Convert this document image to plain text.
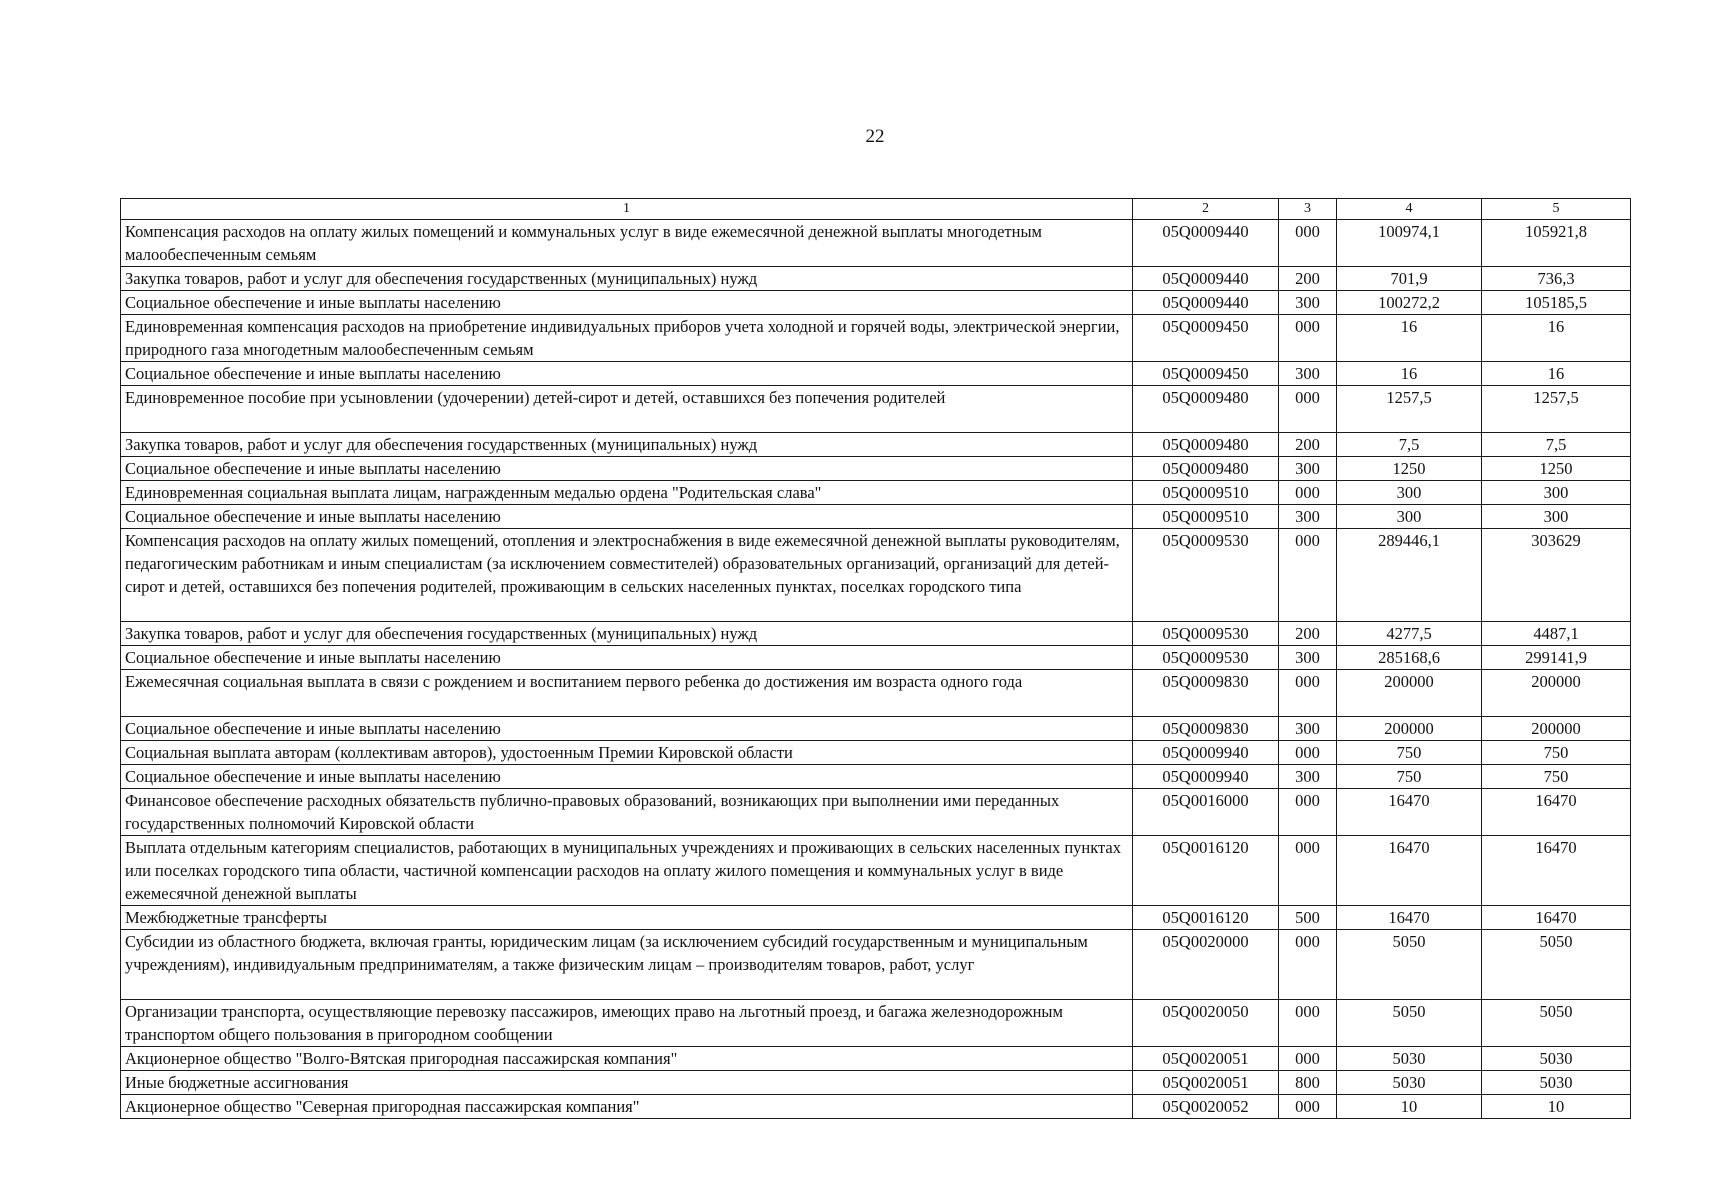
22
1	2	3	4	5
Компенсация расходов на оплату жилых помещений и коммунальных услуг в виде ежемесячной денежной выплаты многодетным малообеспеченным семьям	05Q0009440	000	100974,1	105921,8
Закупка товаров, работ и услуг для обеспечения государственных (муниципальных) нужд	05Q0009440	200	701,9	736,3
Социальное обеспечение и иные выплаты населению	05Q0009440	300	100272,2	105185,5
Единовременная компенсация расходов на приобретение индивидуальных приборов учета холодной и горячей воды, электрической энергии, природного газа многодетным малообеспеченным семьям	05Q0009450	000	16	16
Социальное обеспечение и иные выплаты населению	05Q0009450	300	16	16
Единовременное пособие при усыновлении (удочерении) детей-сирот и детей, оставшихся без попечения родителей	05Q0009480	000	1257,5	1257,5
Закупка товаров, работ и услуг для обеспечения государственных (муниципальных) нужд	05Q0009480	200	7,5	7,5
Социальное обеспечение и иные выплаты населению	05Q0009480	300	1250	1250
Единовременная социальная выплата лицам, награжденным медалью ордена "Родительская слава"	05Q0009510	000	300	300
Социальное обеспечение и иные выплаты населению	05Q0009510	300	300	300
Компенсация расходов на оплату жилых помещений, отопления и электроснабжения в виде ежемесячной денежной выплаты руководителям, педагогическим работникам и иным специалистам (за исключением совместителей) образовательных организаций, организаций для детей-сирот и детей, оставшихся без попечения родителей, проживающим в сельских населенных пунктах, поселках городского типа	05Q0009530	000	289446,1	303629
Закупка товаров, работ и услуг для обеспечения государственных (муниципальных) нужд	05Q0009530	200	4277,5	4487,1
Социальное обеспечение и иные выплаты населению	05Q0009530	300	285168,6	299141,9
Ежемесячная социальная выплата в связи с рождением и воспитанием первого ребенка до достижения им возраста одного года	05Q0009830	000	200000	200000
Социальное обеспечение и иные выплаты населению	05Q0009830	300	200000	200000
Социальная выплата авторам (коллективам авторов), удостоенным Премии Кировской области	05Q0009940	000	750	750
Социальное обеспечение и иные выплаты населению	05Q0009940	300	750	750
Финансовое обеспечение расходных обязательств публично-правовых образований, возникающих при выполнении ими переданных государственных полномочий Кировской области	05Q0016000	000	16470	16470
Выплата отдельным категориям специалистов, работающих в муниципальных учреждениях и проживающих в сельских населенных пунктах или поселках городского типа области, частичной компенсации расходов на оплату жилого помещения и коммунальных услуг в виде ежемесячной денежной выплаты	05Q0016120	000	16470	16470
Межбюджетные трансферты	05Q0016120	500	16470	16470
Субсидии из областного бюджета, включая гранты, юридическим лицам (за исключением субсидий государственным и муниципальным учреждениям), индивидуальным предпринимателям, а также физическим лицам – производителям товаров, работ, услуг	05Q0020000	000	5050	5050
Организации транспорта, осуществляющие перевозку пассажиров, имеющих право на льготный проезд, и багажа железнодорожным транспортом общего пользования в пригородном сообщении	05Q0020050	000	5050	5050
Акционерное общество "Волго-Вятская пригородная пассажирская компания"	05Q0020051	000	5030	5030
Иные бюджетные ассигнования	05Q0020051	800	5030	5030
Акционерное общество "Северная пригородная пассажирская компания"	05Q0020052	000	10	10
